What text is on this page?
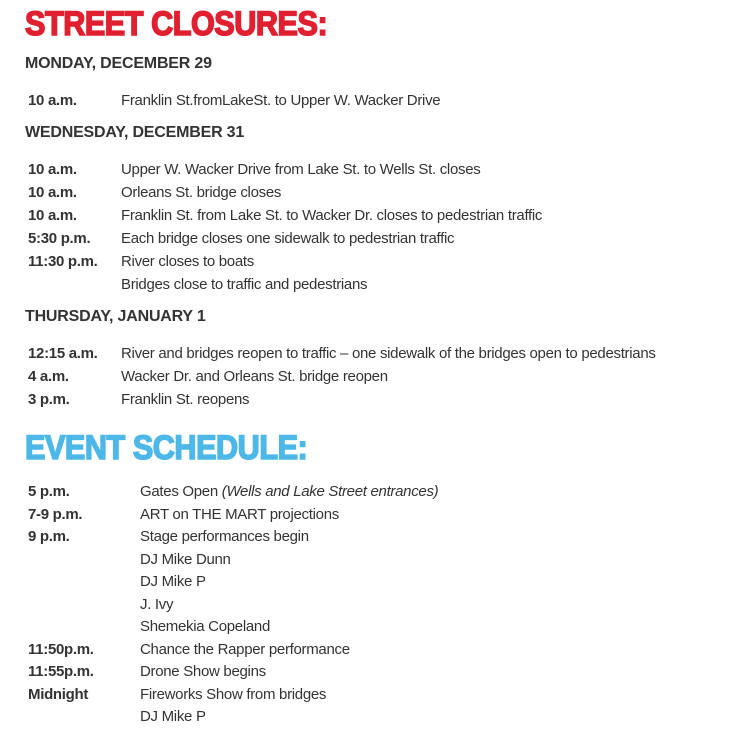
STREET CLOSURES:
MONDAY, DECEMBER 29
10 a.m.	Franklin St.fromLakeSt. to Upper W. Wacker Drive
WEDNESDAY, DECEMBER 31
10 a.m.	Upper W. Wacker Drive from Lake St. to Wells St. closes
10 a.m.	Orleans St. bridge closes
10 a.m.	Franklin St. from Lake St. to Wacker Dr. closes to pedestrian traffic
5:30 p.m.	Each bridge closes one sidewalk to pedestrian traffic
11:30 p.m.	River closes to boats
Bridges close to traffic and pedestrians
THURSDAY, JANUARY 1
12:15 a.m.	River and bridges reopen to traffic – one sidewalk of the bridges open to pedestrians
4 a.m.	Wacker Dr. and Orleans St. bridge reopen
3 p.m.	Franklin St. reopens
EVENT SCHEDULE:
5 p.m.	Gates Open (Wells and Lake Street entrances)
7-9 p.m.	ART on THE MART projections
9 p.m.	Stage performances begin
DJ Mike Dunn
DJ Mike P
J. Ivy
Shemekia Copeland
11:50p.m.	Chance the Rapper performance
11:55p.m.	Drone Show begins
Midnight	Fireworks Show from bridges
DJ Mike P
